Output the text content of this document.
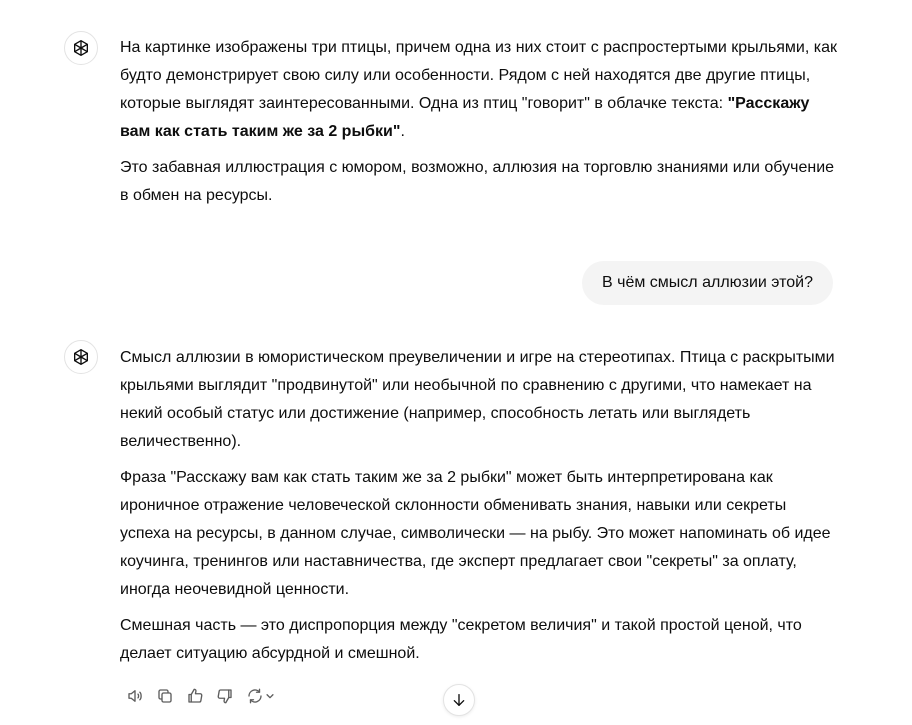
На картинке изображены три птицы, причем одна из них стоит с распростертыми крыльями, как будто демонстрирует свою силу или особенности. Рядом с ней находятся две другие птицы, которые выглядят заинтересованными. Одна из птиц "говорит" в облачке текста: "Расскажу вам как стать таким же за 2 рыбки".

Это забавная иллюстрация с юмором, возможно, аллюзия на торговлю знаниями или обучение в обмен на ресурсы.

В чём смысл аллюзии этой?

Смысл аллюзии в юмористическом преувеличении и игре на стереотипах. Птица с раскрытыми крыльями выглядит "продвинутой" или необычной по сравнению с другими, что намекает на некий особый статус или достижение (например, способность летать или выглядеть величественно).

Фраза "Расскажу вам как стать таким же за 2 рыбки" может быть интерпретирована как ироничное отражение человеческой склонности обменивать знания, навыки или секреты успеха на ресурсы, в данном случае, символически — на рыбу. Это может напоминать об идее коучинга, тренингов или наставничества, где эксперт предлагает свои "секреты" за оплату, иногда неочевидной ценности.

Смешная часть — это диспропорция между "секретом величия" и такой простой ценой, что делает ситуацию абсурдной и смешной.
